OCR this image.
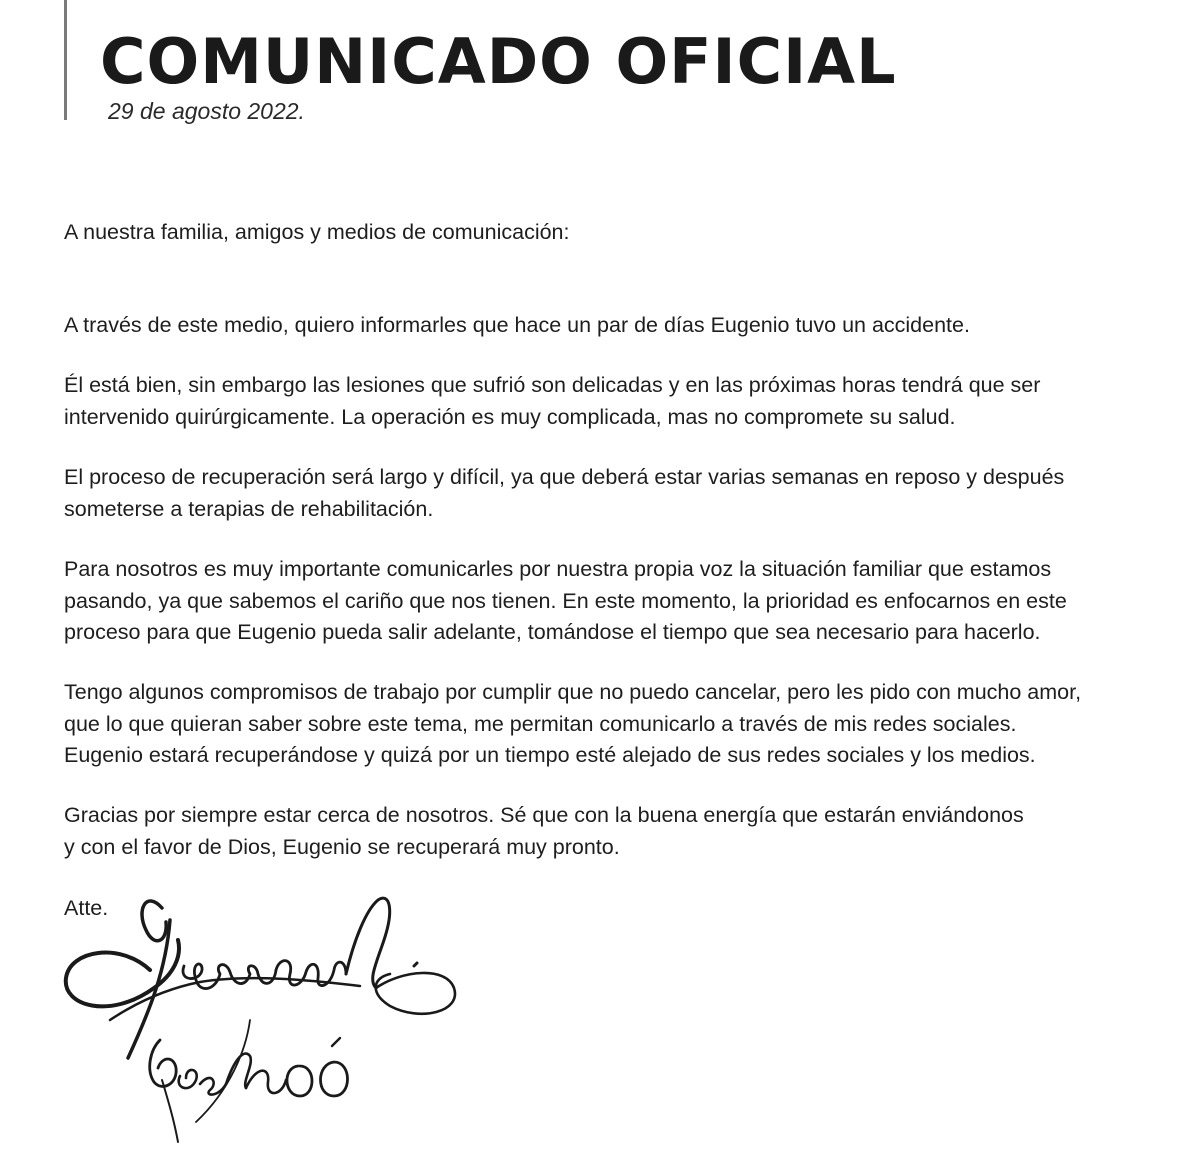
COMUNICADO OFICIAL
29 de agosto 2022.
A nuestra familia, amigos y medios de comunicación:
A través de este medio, quiero informarles que hace un par de días Eugenio tuvo un accidente.
Él está bien, sin embargo las lesiones que sufrió son delicadas y en las próximas horas tendrá que ser
intervenido quirúrgicamente. La operación es muy complicada, mas no compromete su salud.
El proceso de recuperación será largo y difícil, ya que deberá estar varias semanas en reposo y después
someterse a terapias de rehabilitación.
Para nosotros es muy importante comunicarles por nuestra propia voz la situación familiar que estamos
pasando, ya que sabemos el cariño que nos tienen. En este momento, la prioridad es enfocarnos en este
proceso para que Eugenio pueda salir adelante, tomándose el tiempo que sea necesario para hacerlo.
Tengo algunos compromisos de trabajo por cumplir que no puedo cancelar, pero les pido con mucho amor,
que lo que quieran saber sobre este tema, me permitan comunicarlo a través de mis redes sociales.
Eugenio estará recuperándose y quizá por un tiempo esté alejado de sus redes sociales y los medios.
Gracias por siempre estar cerca de nosotros. Sé que con la buena energía que estarán enviándonos
y con el favor de Dios, Eugenio se recuperará muy pronto.
Atte.
